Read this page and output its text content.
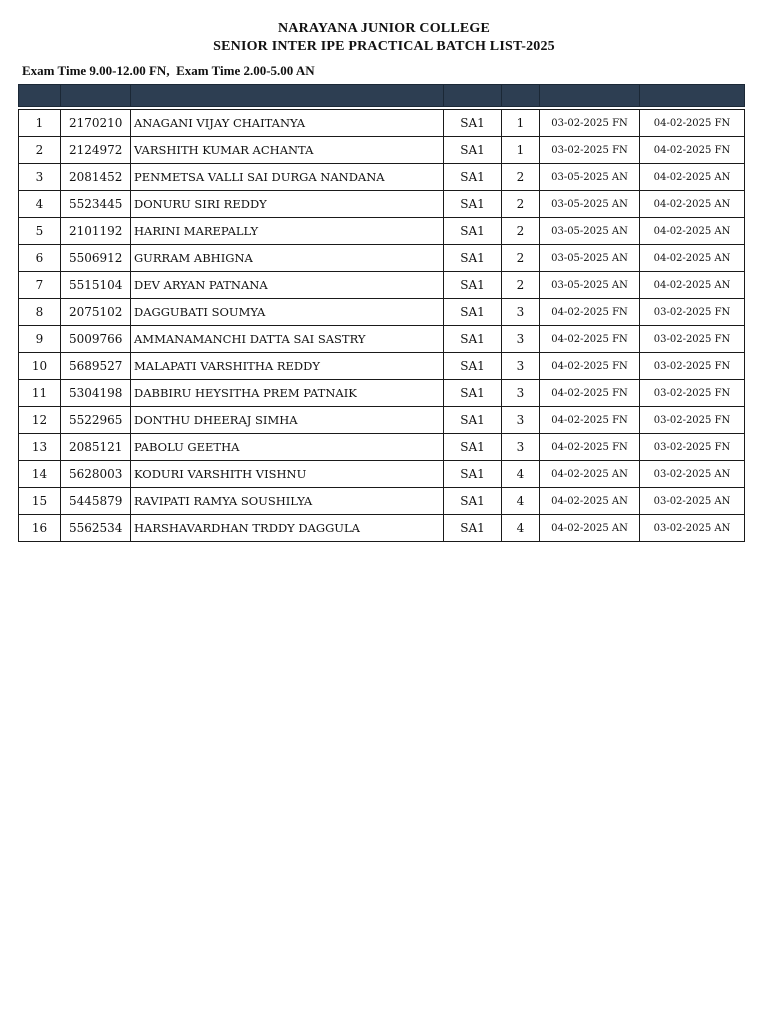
NARAYANA JUNIOR COLLEGE
SENIOR INTER IPE PRACTICAL BATCH LIST-2025
Exam Time 9.00-12.00 FN,  Exam Time 2.00-5.00 AN

1	2170210	ANAGANI VIJAY CHAITANYA	SA1	1	03-02-2025 FN	04-02-2025 FN
2	2124972	VARSHITH KUMAR ACHANTA	SA1	1	03-02-2025 FN	04-02-2025 FN
3	2081452	PENMETSA VALLI SAI DURGA NANDANA	SA1	2	03-05-2025 AN	04-02-2025 AN
4	5523445	DONURU SIRI REDDY	SA1	2	03-05-2025 AN	04-02-2025 AN
5	2101192	HARINI MAREPALLY	SA1	2	03-05-2025 AN	04-02-2025 AN
6	5506912	GURRAM ABHIGNA	SA1	2	03-05-2025 AN	04-02-2025 AN
7	5515104	DEV ARYAN PATNANA	SA1	2	03-05-2025 AN	04-02-2025 AN
8	2075102	DAGGUBATI SOUMYA	SA1	3	04-02-2025 FN	03-02-2025 FN
9	5009766	AMMANAMANCHI DATTA SAI SASTRY	SA1	3	04-02-2025 FN	03-02-2025 FN
10	5689527	MALAPATI VARSHITHA REDDY	SA1	3	04-02-2025 FN	03-02-2025 FN
11	5304198	DABBIRU HEYSITHA PREM PATNAIK	SA1	3	04-02-2025 FN	03-02-2025 FN
12	5522965	DONTHU DHEERAJ SIMHA	SA1	3	04-02-2025 FN	03-02-2025 FN
13	2085121	PABOLU GEETHA	SA1	3	04-02-2025 FN	03-02-2025 FN
14	5628003	KODURI VARSHITH VISHNU	SA1	4	04-02-2025 AN	03-02-2025 AN
15	5445879	RAVIPATI RAMYA SOUSHILYA	SA1	4	04-02-2025 AN	03-02-2025 AN
16	5562534	HARSHAVARDHAN TRDDY DAGGULA	SA1	4	04-02-2025 AN	03-02-2025 AN
